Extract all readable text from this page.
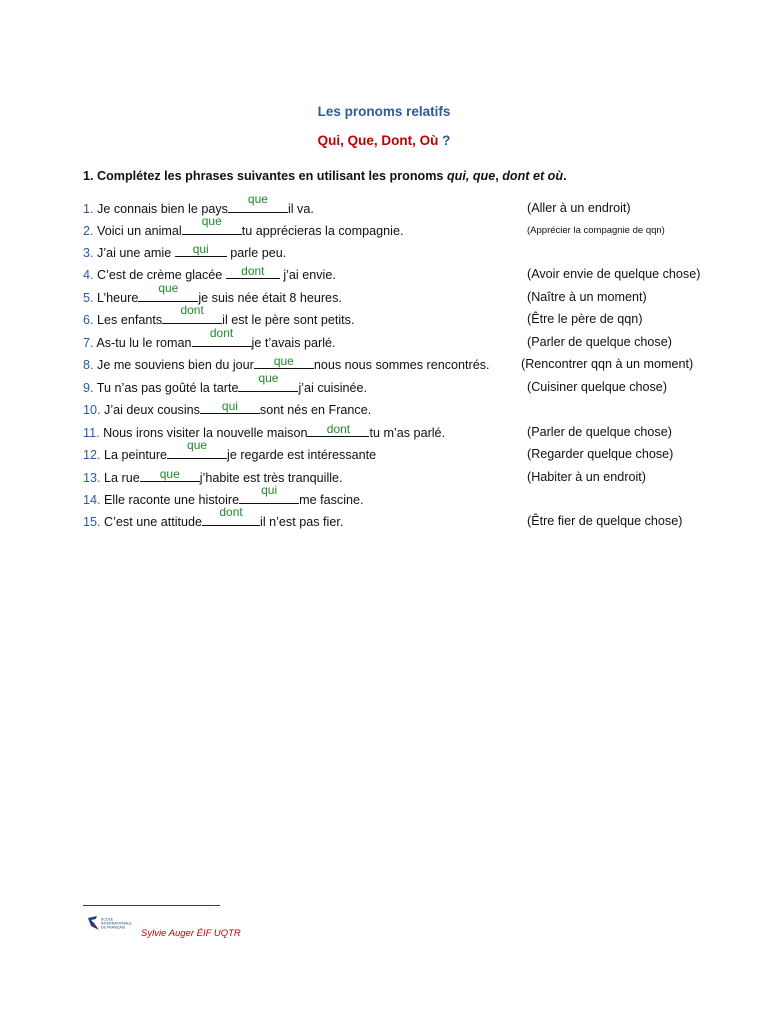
Les pronoms relatifs
Qui, Que, Dont, Où ?
1. Complétez les phrases suivantes en utilisant les pronoms qui, que, dont et où.
1. Je connais bien le pays
que
il va.	(Aller à un endroit)
2. Voici un animal
que
tu apprécieras la compagnie.	(Apprécier la compagnie de qqn)
3. J’ai une amie	qui	parle peu.
4. C’est de crème glacée	dont	j’ai envie.	(Avoir envie de quelque chose)
5. L’heure
que
je suis née était 8 heures.	(Naître à un moment)
6. Les enfants
dont
il est le père sont petits.	(Être le père de qqn)
7. As-tu lu le roman
dont
je t’avais parlé.	(Parler de quelque chose)
8. Je me souviens bien du jour	que	nous nous sommes rencontrés. (Rencontrer qqn à un moment)
9. Tu n’as pas goûté la tarte
que
j’ai cuisinée.	(Cuisiner quelque chose)
10. J’ai deux cousins	qui	sont nés en France.
11. Nous irons visiter la nouvelle maison	dont	tu m’as parlé.	(Parler de quelque chose)
12. La peinture
que
je regarde est intéressante	(Regarder quelque chose)
13. La rue	que	j’habite est très tranquille.	(Habiter à un endroit)
14. Elle raconte une histoire
qui
me fascine.
15. C’est une attitude
dont
il n’est pas fier.	(Être fier de quelque chose)
ÉCOLE
INTERNATIONALE
DE FRANÇAIS
Sylvie Auger ÉIF UQTR
